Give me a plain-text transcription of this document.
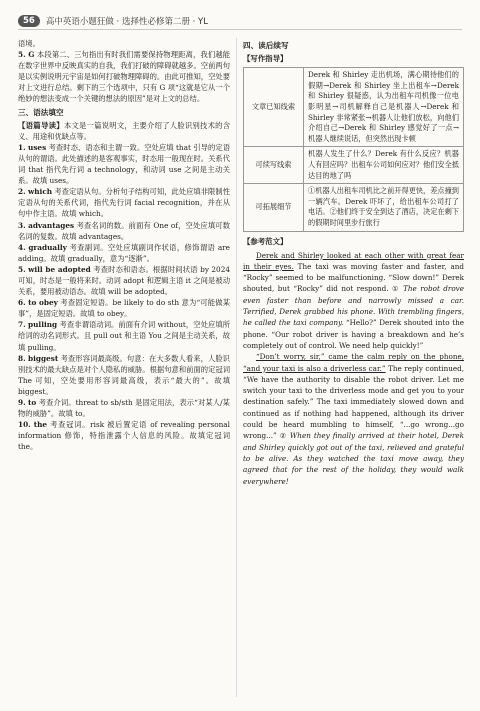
56	高中英语小题狂做 · 选择性必修第二册 · YL
语境。
5. G 本段第二、三句指出有时我们需要保持物理距离，我们越能在数字世界中反映真实的自我，我们打破的障碍就越多。空前两句是以实例说明元宇宙是如何打破物理障碍的。由此可推知，空处要对上文进行总结。剩下的三个选项中，只有 G 项“这就是它从一个绝妙的想法变成一个关键的想法的原因”是对上文的总结。
三、语法填空
【语篇导读】本文是一篇说明文，主要介绍了人脸识别技术的含义、用途和优缺点等。
1. uses 考查时态、语态和主谓一致。空处应填 that 引导的定语从句的谓语。此处描述的是客观事实，时态用一般现在时。关系代词 that 指代先行词 a technology，和动词 use 之间是主动关系。故填 uses。
2. which 考查定语从句。分析句子结构可知，此处应填非限制性定语从句的关系代词，指代先行词 facial recognition，并在从句中作主语。故填 which。
3. advantages 考查名词的数。前面有 One of，空处应填可数名词的复数。故填 advantages。
4. gradually 考查副词。空处应填副词作状语，修饰谓语 are adding。故填 gradually，意为“逐渐”。
5. will be adopted 考查时态和语态。根据时间状语 by 2024 可知，时态是一般将来时。动词 adopt 和逻辑主语 it 之间是被动关系，要用被动语态。故填 will be adopted。
6. to obey 考查固定短语。be likely to do sth 意为“可能做某事”，是固定短语。故填 to obey。
7. pulling 考查非谓语动词。前面有介词 without，空处应填所给词的动名词形式。且 pull out 和主语 You 之间是主动关系，故填 pulling。
8. biggest 考查形容词最高级。句意：在大多数人看来，人脸识别技术的最大缺点是对个人隐私的威胁。根据句意和前面的定冠词 The 可知，空处要用形容词最高级，表示“最大的”。故填 biggest。
9. to 考查介词。threat to sb/sth 是固定用法，表示“对某人/某物的威胁”。故填 to。
10. the 考查冠词。risk 被后置定语 of revealing personal information 修饰，特指泄露个人信息的风险。故填定冠词 the。
四、读后续写
【写作指导】
文章已知线索	Derek 和 Shirley 走出机场，满心期待他们的假期→Derek 和 Shirley 坐上出租车→Derek 和 Shirley 很疑惑，认为出租车司机像一位电影明星→司机解释自己是机器人→Derek 和 Shirley 非常紧张→机器人让他们放松，向他们介绍自己→Derek 和 Shirley 感觉好了一点→机器人继续说话，但突然出现卡顿
可续写线索	机器人发生了什么？Derek 有什么反应？机器人有回应吗？出租车公司如何应对？他们安全抵达目的地了吗
可拓展细节	①机器人出租车司机比之前开得更快，差点撞到一辆汽车。Derek 吓坏了，给出租车公司打了电话。②他们终于安全到达了酒店，决定在剩下的假期时间里步行旅行
【参考范文】

Derek and Shirley looked at each other with great fear in their eyes. The taxi was moving faster and faster, and “Rocky” seemed to be malfunctioning. “Slow down!” Derek shouted, but “Rocky” did not respond. ① The robot drove even faster than before and narrowly missed a car. Terrified, Derek grabbed his phone. With trembling fingers, he called the taxi company. “Hello?” Derek shouted into the phone. “Our robot driver is having a breakdown and he’s completely out of control. We need help quickly!”

“Don’t worry, sir,” came the calm reply on the phone, “and your taxi is also a driverless car.” The reply continued, “We have the authority to disable the robot driver. Let me switch your taxi to the driverless mode and get you to your destination safely.” The taxi immediately slowed down and continued as if nothing had happened, although its driver could be heard mumbling to himself, “...go wrong...go wrong...” ② When they finally arrived at their hotel, Derek and Shirley quickly got out of the taxi, relieved and grateful to be alive. As they watched the taxi move away, they agreed that for the rest of the holiday, they would walk everywhere!
